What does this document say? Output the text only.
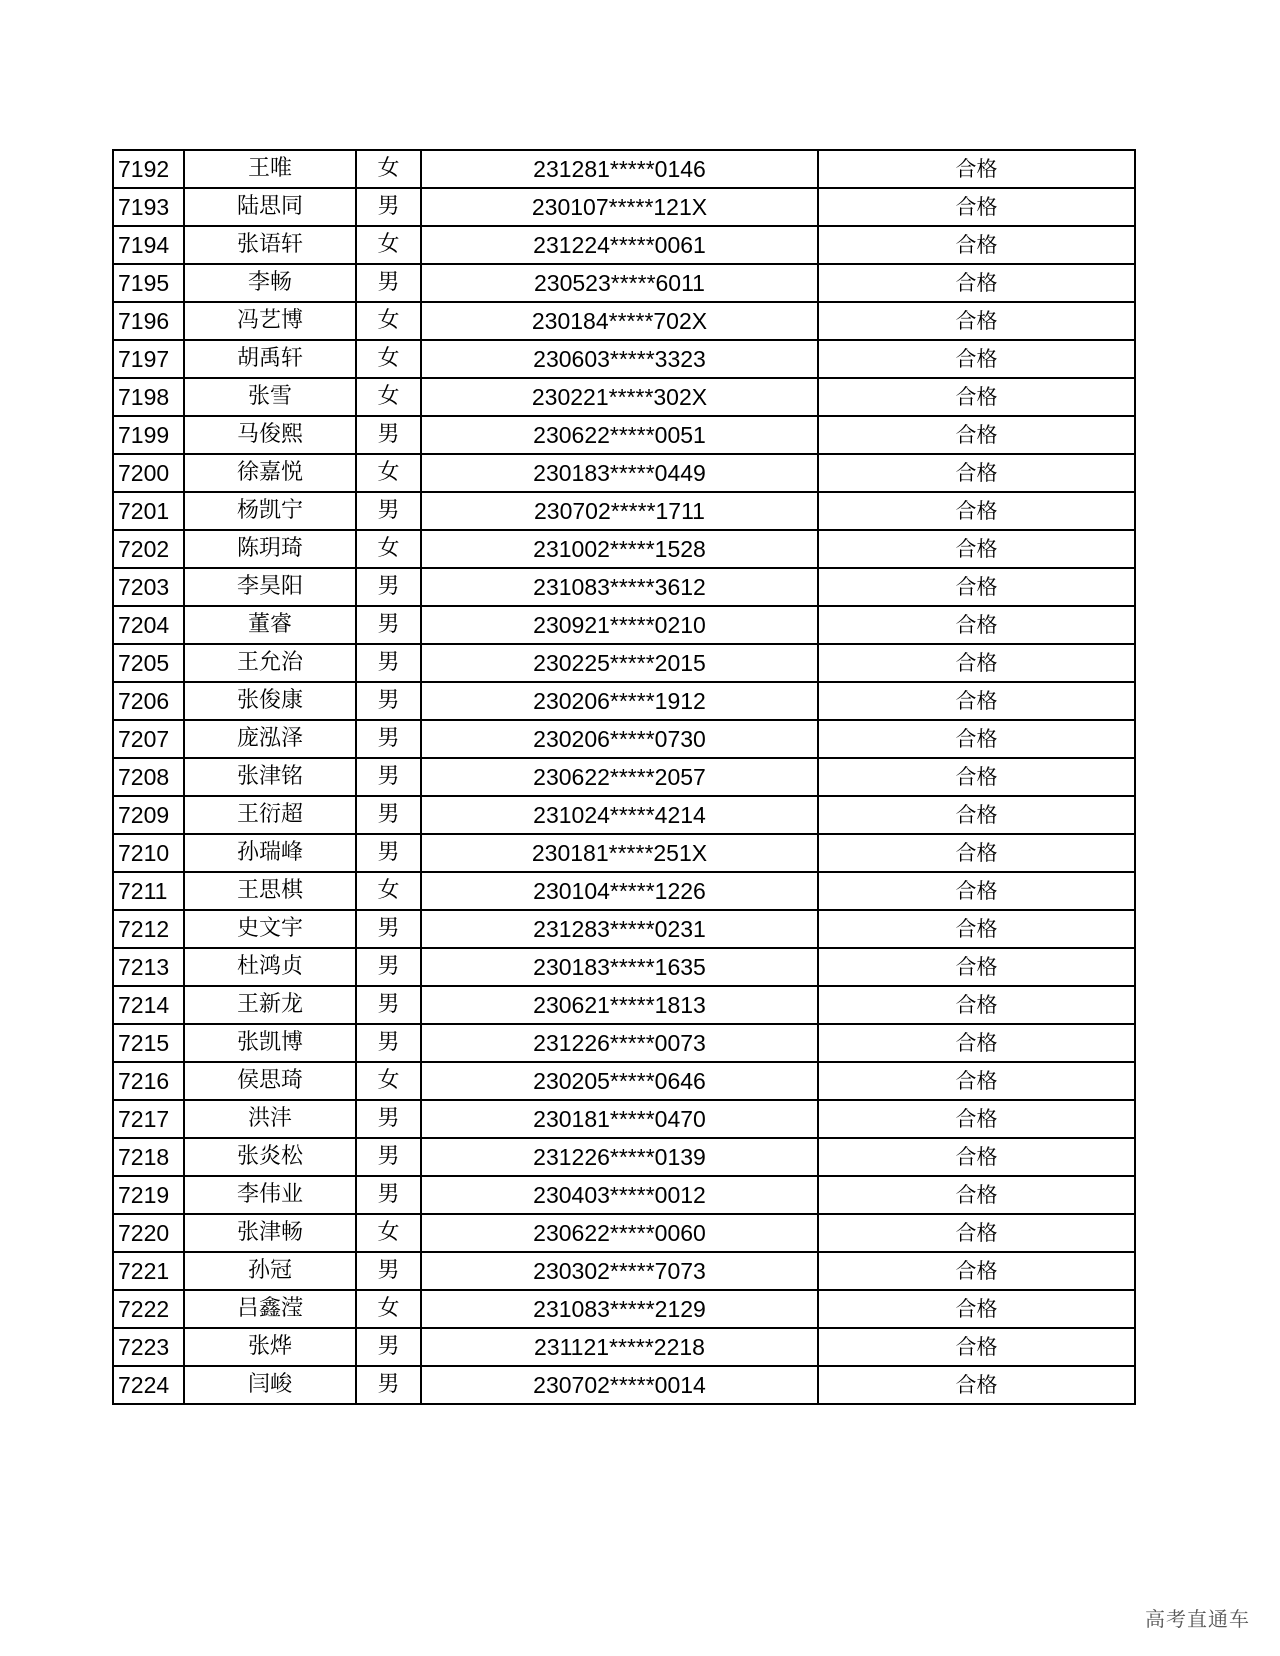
7192	王唯	女	231281*****0146	合格
7193	陆思同	男	230107*****121X	合格
7194	张语轩	女	231224*****0061	合格
7195	李畅	男	230523*****6011	合格
7196	冯艺博	女	230184*****702X	合格
7197	胡禹轩	女	230603*****3323	合格
7198	张雪	女	230221*****302X	合格
7199	马俊熙	男	230622*****0051	合格
7200	徐嘉悦	女	230183*****0449	合格
7201	杨凯宁	男	230702*****1711	合格
7202	陈玥琦	女	231002*****1528	合格
7203	李昊阳	男	231083*****3612	合格
7204	董睿	男	230921*****0210	合格
7205	王允治	男	230225*****2015	合格
7206	张俊康	男	230206*****1912	合格
7207	庞泓泽	男	230206*****0730	合格
7208	张津铭	男	230622*****2057	合格
7209	王衍超	男	231024*****4214	合格
7210	孙瑞峰	男	230181*****251X	合格
7211	王思棋	女	230104*****1226	合格
7212	史文宇	男	231283*****0231	合格
7213	杜鸿贞	男	230183*****1635	合格
7214	王新龙	男	230621*****1813	合格
7215	张凯博	男	231226*****0073	合格
7216	侯思琦	女	230205*****0646	合格
7217	洪沣	男	230181*****0470	合格
7218	张炎松	男	231226*****0139	合格
7219	李伟业	男	230403*****0012	合格
7220	张津畅	女	230622*****0060	合格
7221	孙冠	男	230302*****7073	合格
7222	吕鑫滢	女	231083*****2129	合格
7223	张烨	男	231121*****2218	合格
7224	闫峻	男	230702*****0014	合格
高考直通车
